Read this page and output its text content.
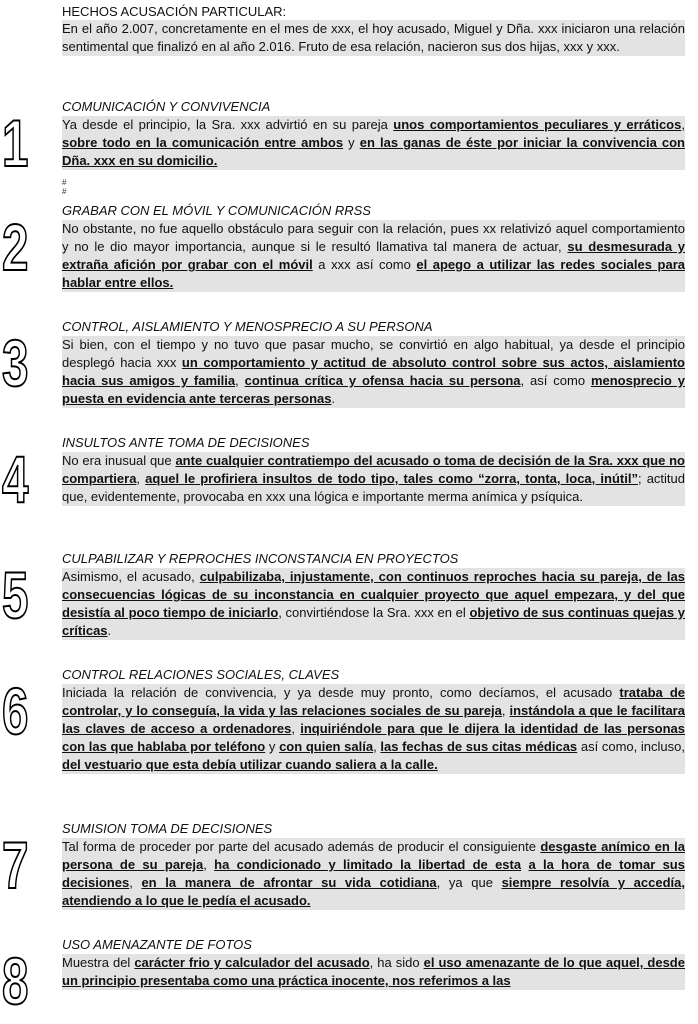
HECHOS ACUSACIÓN PARTICULAR:

En el año 2.007, concretamente en el mes de xxx, el hoy acusado, Miguel y Dña. xxx iniciaron una relación sentimental que finalizó en al año 2.016. Fruto de esa relación, nacieron sus dos hijas, xxx y xxx.

#
#
1	COMUNICACIÓN Y CONVIVENCIA

Ya desde el principio, la Sra. xxx advirtió en su pareja unos comportamientos peculiares y erráticos, sobre todo en la comunicación entre ambos y en las ganas de éste por iniciar la convivencia con Dña. xxx en su domicilio.

2	GRABAR CON EL MÓVIL Y COMUNICACIÓN RRSS

No obstante, no fue aquello obstáculo para seguir con la relación, pues xx relativizó aquel comportamiento y no le dio mayor importancia, aunque si le resultó llamativa tal manera de actuar, su desmesurada y extraña afición por grabar con el móvil a xxx así como el apego a utilizar las redes sociales para hablar entre ellos.

3	CONTROL, AISLAMIENTO Y MENOSPRECIO A SU PERSONA

Si bien, con el tiempo y no tuvo que pasar mucho, se convirtió en algo habitual, ya desde el principio desplegó hacia xxx un comportamiento y actitud de absoluto control sobre sus actos, aislamiento hacia sus amigos y familia, continua crítica y ofensa hacia su persona, así como menosprecio y puesta en evidencia ante terceras personas.

4	INSULTOS ANTE TOMA DE DECISIONES

No era inusual que ante cualquier contratiempo del acusado o toma de decisión de la Sra. xxx que no compartiera, aquel le profiriera insultos de todo tipo, tales como “zorra, tonta, loca, inútil”; actitud que, evidentemente, provocaba en xxx una lógica e importante merma anímica y psíquica.

5	CULPABILIZAR Y REPROCHES INCONSTANCIA EN PROYECTOS

Asimismo, el acusado, culpabilizaba, injustamente, con continuos reproches hacia su pareja, de las consecuencias lógicas de su inconstancia en cualquier proyecto que aquel empezara, y del que desistía al poco tiempo de iniciarlo, convirtiéndose la Sra. xxx en el objetivo de sus continuas quejas y críticas.

6	CONTROL RELACIONES SOCIALES, CLAVES

Iniciada la relación de convivencia, y ya desde muy pronto, como decíamos, el acusado trataba de controlar, y lo conseguía, la vida y las relaciones sociales de su pareja, instándola a que le facilitara las claves de acceso a ordenadores, inquiriéndole para que le dijera la identidad de las personas con las que hablaba por teléfono y con quien salía, las fechas de sus citas médicas así como, incluso, del vestuario que esta debía utilizar cuando saliera a la calle.

7	SUMISION TOMA DE DECISIONES

Tal forma de proceder por parte del acusado además de producir el consiguiente desgaste anímico en la persona de su pareja, ha condicionado y limitado la libertad de esta a la hora de tomar sus decisiones, en la manera de afrontar su vida cotidiana, ya que siempre resolvía y accedía, atendiendo a lo que le pedía el acusado.

8	USO AMENAZANTE DE FOTOS

Muestra del carácter frio y calculador del acusado, ha sido el uso amenazante de lo que aquel, desde un principio presentaba como una práctica inocente, nos referimos a las
